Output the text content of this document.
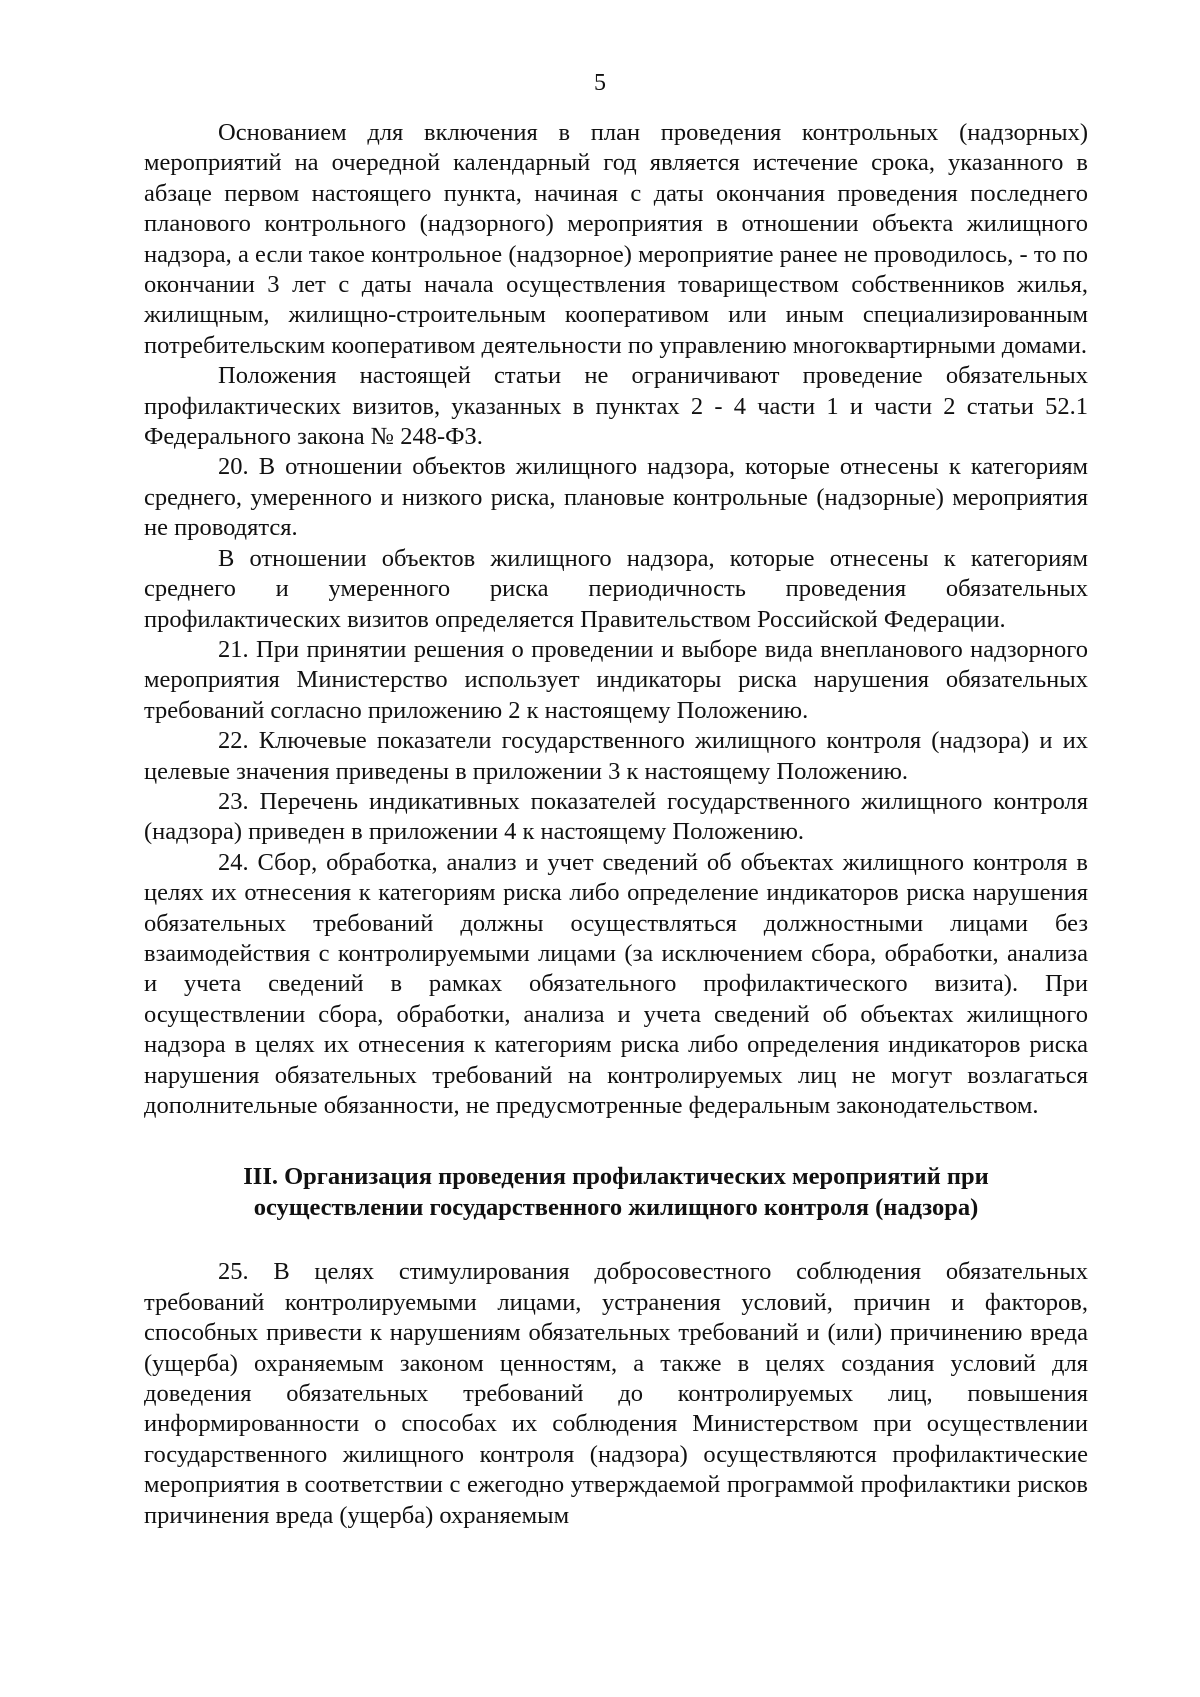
5

Основанием для включения в план проведения контрольных (надзорных) мероприятий на очередной календарный год является истечение срока, указанного в абзаце первом настоящего пункта, начиная с даты окончания проведения последнего планового контрольного (надзорного) мероприятия в отношении объекта жилищного надзора, а если такое контрольное (надзорное) мероприятие ранее не проводилось, - то по окончании 3 лет с даты начала осуществления товариществом собственников жилья, жилищным, жилищно-строительным кооперативом или иным специализированным потребительским кооперативом деятельности по управлению многоквартирными домами.

Положения настоящей статьи не ограничивают проведение обязательных профилактических визитов, указанных в пунктах 2 - 4 части 1 и части 2 статьи 52.1 Федерального закона № 248-ФЗ.

20. В отношении объектов жилищного надзора, которые отнесены к категориям среднего, умеренного и низкого риска, плановые контрольные (надзорные) мероприятия не проводятся.

В отношении объектов жилищного надзора, которые отнесены к категориям среднего и умеренного риска периодичность проведения обязательных профилактических визитов определяется Правительством Российской Федерации.

21. При принятии решения о проведении и выборе вида внепланового надзорного мероприятия Министерство использует индикаторы риска нарушения обязательных требований согласно приложению 2 к настоящему Положению.

22. Ключевые показатели государственного жилищного контроля (надзора) и их целевые значения приведены в приложении 3 к настоящему Положению.

23. Перечень индикативных показателей государственного жилищного контроля (надзора) приведен в приложении 4 к настоящему Положению.

24. Сбор, обработка, анализ и учет сведений об объектах жилищного контроля в целях их отнесения к категориям риска либо определение индикаторов риска нарушения обязательных требований должны осуществляться должностными лицами без взаимодействия с контролируемыми лицами (за исключением сбора, обработки, анализа и учета сведений в рамках обязательного профилактического визита). При осуществлении сбора, обработки, анализа и учета сведений об объектах жилищного надзора в целях их отнесения к категориям риска либо определения индикаторов риска нарушения обязательных требований на контролируемых лиц не могут возлагаться дополнительные обязанности, не предусмотренные федеральным законодательством.

III. Организация проведения профилактических мероприятий при
осуществлении государственного жилищного контроля (надзора)

25. В целях стимулирования добросовестного соблюдения обязательных требований контролируемыми лицами, устранения условий, причин и факторов, способных привести к нарушениям обязательных требований и (или) причинению вреда (ущерба) охраняемым законом ценностям, а также в целях создания условий для доведения обязательных требований до контролируемых лиц, повышения информированности о способах их соблюдения Министерством при осуществлении государственного жилищного контроля (надзора) осуществляются профилактические мероприятия в соответствии с ежегодно утверждаемой программой профилактики рисков причинения вреда (ущерба) охраняемым
